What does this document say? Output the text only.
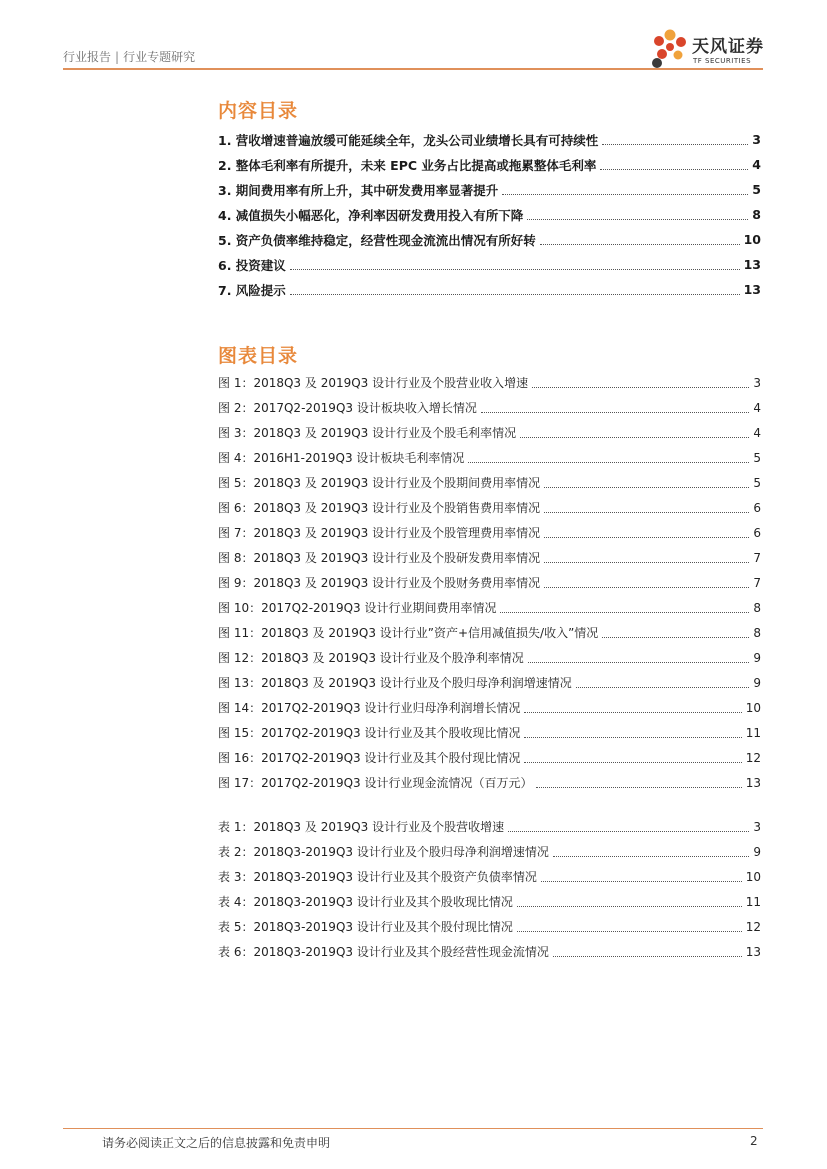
行业报告 | 行业专题研究	天风证券
TF SECURITIES
内容目录
1. 营收增速普遍放缓可能延续全年，龙头公司业绩增长具有可持续性	3
2. 整体毛利率有所提升，未来 EPC 业务占比提高或拖累整体毛利率	4
3. 期间费用率有所上升，其中研发费用率显著提升	5
4. 减值损失小幅恶化，净利率因研发费用投入有所下降	8
5. 资产负债率维持稳定，经营性现金流流出情况有所好转	10
6. 投资建议	13
7. 风险提示	13
图表目录
图 1：2018Q3 及 2019Q3 设计行业及个股营业收入增速	3
图 2：2017Q2-2019Q3 设计板块收入增长情况	4
图 3：2018Q3 及 2019Q3 设计行业及个股毛利率情况	4
图 4：2016H1-2019Q3 设计板块毛利率情况	5
图 5：2018Q3 及 2019Q3 设计行业及个股期间费用率情况	5
图 6：2018Q3 及 2019Q3 设计行业及个股销售费用率情况	6
图 7：2018Q3 及 2019Q3 设计行业及个股管理费用率情况	6
图 8：2018Q3 及 2019Q3 设计行业及个股研发费用率情况	7
图 9：2018Q3 及 2019Q3 设计行业及个股财务费用率情况	7
图 10：2017Q2-2019Q3 设计行业期间费用率情况	8
图 11：2018Q3 及 2019Q3 设计行业”资产+信用减值损失/收入”情况	8
图 12：2018Q3 及 2019Q3 设计行业及个股净利率情况	9
图 13：2018Q3 及 2019Q3 设计行业及个股归母净利润增速情况	9
图 14：2017Q2-2019Q3 设计行业归母净利润增长情况	10
图 15：2017Q2-2019Q3 设计行业及其个股收现比情况	11
图 16：2017Q2-2019Q3 设计行业及其个股付现比情况	12
图 17：2017Q2-2019Q3 设计行业现金流情况（百万元）	13
表 1：2018Q3 及 2019Q3 设计行业及个股营收增速	3
表 2：2018Q3-2019Q3 设计行业及个股归母净利润增速情况	9
表 3：2018Q3-2019Q3 设计行业及其个股资产负债率情况	10
表 4：2018Q3-2019Q3 设计行业及其个股收现比情况	11
表 5：2018Q3-2019Q3 设计行业及其个股付现比情况	12
表 6：2018Q3-2019Q3 设计行业及其个股经营性现金流情况	13
请务必阅读正文之后的信息披露和免责申明	2
